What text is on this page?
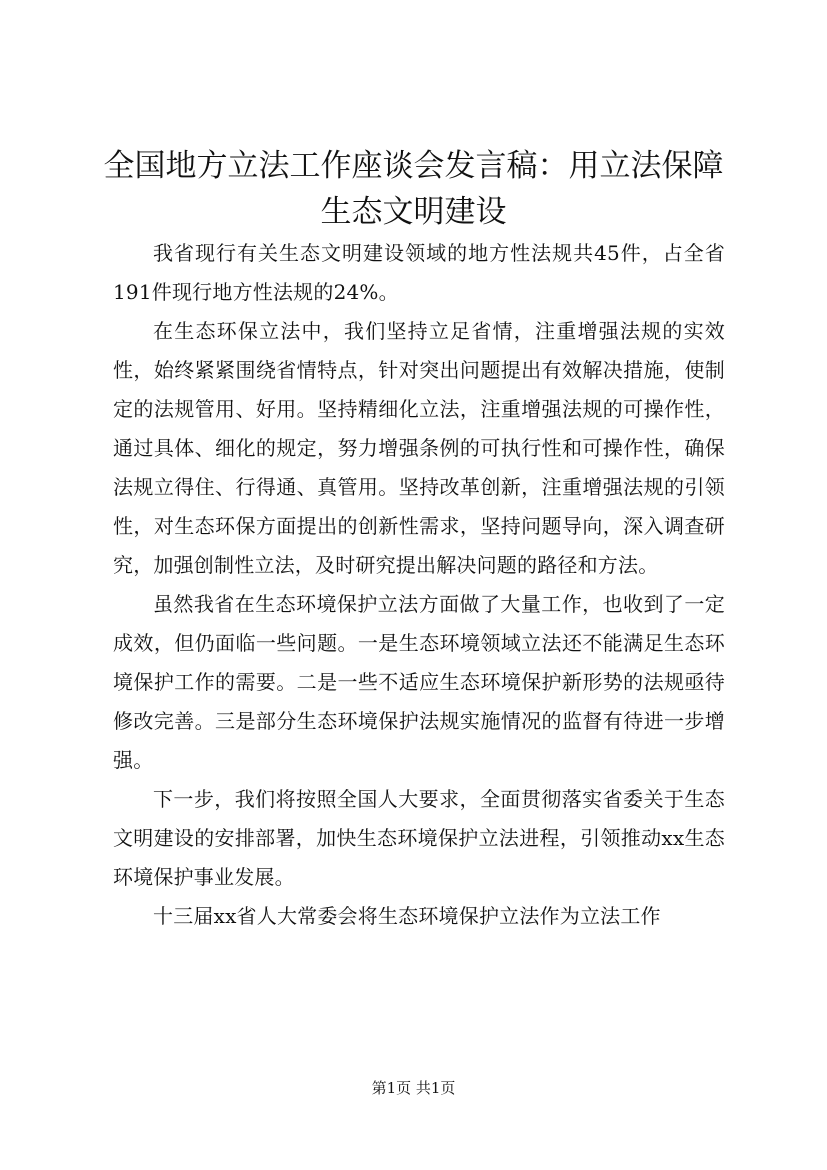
全国地方立法工作座谈会发言稿：用立法保障生态文明建设

我省现行有关生态文明建设领域的地方性法规共45件，占全省191件现行地方性法规的24%。

在生态环保立法中，我们坚持立足省情，注重增强法规的实效性，始终紧紧围绕省情特点，针对突出问题提出有效解决措施，使制定的法规管用、好用。坚持精细化立法，注重增强法规的可操作性，通过具体、细化的规定，努力增强条例的可执行性和可操作性，确保法规立得住、行得通、真管用。坚持改革创新，注重增强法规的引领性，对生态环保方面提出的创新性需求，坚持问题导向，深入调查研究，加强创制性立法，及时研究提出解决问题的路径和方法。

虽然我省在生态环境保护立法方面做了大量工作，也收到了一定成效，但仍面临一些问题。一是生态环境领域立法还不能满足生态环境保护工作的需要。二是一些不适应生态环境保护新形势的法规亟待修改完善。三是部分生态环境保护法规实施情况的监督有待进一步增强。

下一步，我们将按照全国人大要求，全面贯彻落实省委关于生态文明建设的安排部署，加快生态环境保护立法进程，引领推动xx生态环境保护事业发展。

十三届xx省人大常委会将生态环境保护立法作为立法工作

第1页 共1页
